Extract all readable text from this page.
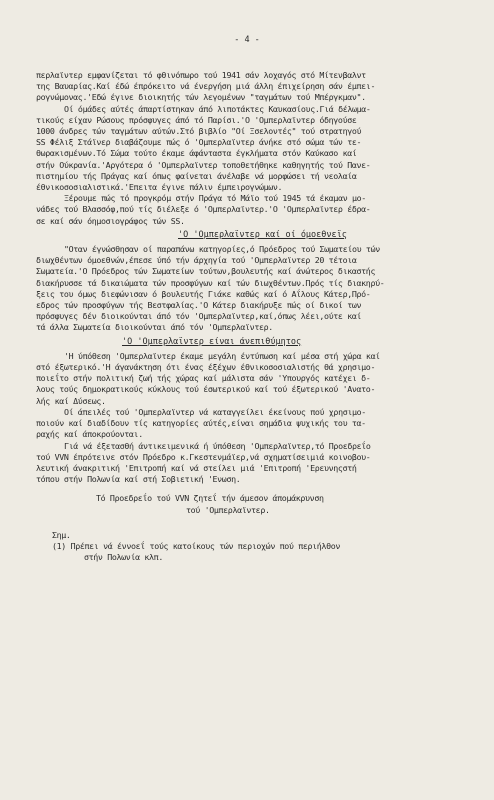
- 4 -
περλαϊντερ εμφανίζεται τό φθινόπωρο τού 1941 σάν λοχαγός στό Μίτενβαλντ
της Βαυαρίας.Καί έδώ έπρόκειτο νά ένεργήση μιά άλλη έπιχείρηση σάν έμπει-
ρογνώμονας.'Εδώ έγινε διοικητής τών λεγομένων "ταγμάτων τού Μπέργκμαν".
Οί όμάδες αύτές άπαρτίστηκαν άπό λιποτάκτες Καυκασίους.Γιά δέλωμα-
τικούς είχαν Ρώσους πρόσφυγες άπό τό Παρίσι.'Ο 'Ομπερλαϊντερ όδηγούσε
1000 άνδρες τών ταγμάτων αύτών.Στό βιβλίο "Οί Ξσελοντές" τού στρατηγού
SS Φέλιξ Στάϊνερ διαβάζουμε πώς ό 'Ομπερλαϊντερ άνήκε στό σώμα τών τε-
θωρακισμένων.Τό Σώμα τούτο έκαμε άφάνταστα έγκλήματα στόν Καύκασο καί
στήν Ούκρανία.'Αργότερα ό 'Ομπερλαϊντερ τοποθετήθηκε καθηγητής τού Πανε-
πιστημίου τής Πράγας καί όπως φαίνεται άνέλαβε νά μορφώσει τή νεολαία
έθνικοσοσιαλιστικά.'Επειτα έγινε πάλιν έμπειρογνώμων.
Ξέρουμε πώς τό προγκρόμ στήν Πράγα τό Μάϊο τού 1945 τά έκαμαν μο-
νάδες τού Βλασσόφ,πού τίς διέλεξε ό 'Ομπερλαϊντερ.'Ο 'Ομπερλαϊντερ έδρα-
σε καί σάν όημοσιογράφος τών SS.
'Ο 'Ομπερλαϊντερ καί οί όμοεθνεϊς
"Οταν έγνώσθησαν οί παραπάνω κατηγορίες,ό Πρόεδρος τού Σωματείου τών
διωχθέντων όμοεθνών,έπεσε ύπό τήν άρχηγία τού 'Ομπερλαϊντερ 20 τέτοια
Σωματεία.'Ο Πρόεδρος τών Σωματείων τούτων,βουλευτής καί άνώτερος δικαστής
διακήρυσσε τά δικαιώματα τών προσφύγων καί τών διωχθέντων.Πρός τίς διακηρύ-
ξεις του όμως διεφώνισαν ό βουλευτής Γιάκε καθώς καί ό Αΐλους Κάτερ,Πρό-
εδρος τών προσφύγων τής Βεστφαλίας.'Ο Κάτερ διακήρυξε πώς οί δικοί των
πρόσφυγες δέν διοικούνται άπό τόν 'Ομπερλαϊντερ,καί,όπως λέει,ούτε καί
τά άλλα Σωματεία διοικούνται άπό τόν 'Ομπερλαϊντερ.
'Ο 'Ομπερλαϊντερ είναι άνεπιθύμητος
'Η ύπόθεση 'Ομπερλαϊντερ έκαμε μεγάλη έντύπωση καί μέσα στή χώρα καί
στό έξωτερικό.'Η άγανάκτηση ότι ένας έξέχων έθνικοσοσιαλιστής θά χρησιμο-
ποιεΐτο στήν πολιτική ζωή τής χώρας καί μάλιστα σάν 'Υπουργός κατέχει δ-
λους τούς δημοκρατικούς κύκλους τού έσωτερικού καί τού έξωτερικού 'Ανατο-
λής καί Δύσεως.
Οί άπειλές τού 'Ομπερλαϊντερ νά καταγγείλει έκείνους πού χρησιμο-
ποιούν καί διαδίδουν τίς κατηγορίες αύτές,είναι σημάδια ψυχικής του τα-
ραχής καί άποκρούονται.
Γιά νά έξετασθή άντικειμενικά ή ύπόθεση 'Ομπερλαϊντερ,τό Προεδρεΐο
τού VVN έπρότεινε στόν Πρόεδρο κ.Γκεστενμάϊερ,νά σχηματίσειμιά κοινοβου-
λευτική άνακριτική 'Επιτροπή καί νά στείλει μιά 'Επιτροπή 'Ερευνηςστή
τόπου στήν Πολωνία καί στή Σοβιετική 'Ενωση.
Τό Προεδρεΐο τού VVN ζητεΐ τήν άμεσον άπομάκρυνση
τού 'Ομπερλαϊντερ.
Σημ.
(1) Πρέπει νά έννοεΐ τούς κατοίκους τών περιοχών πού περιήλθον
στήν Πολωνία κλπ.
